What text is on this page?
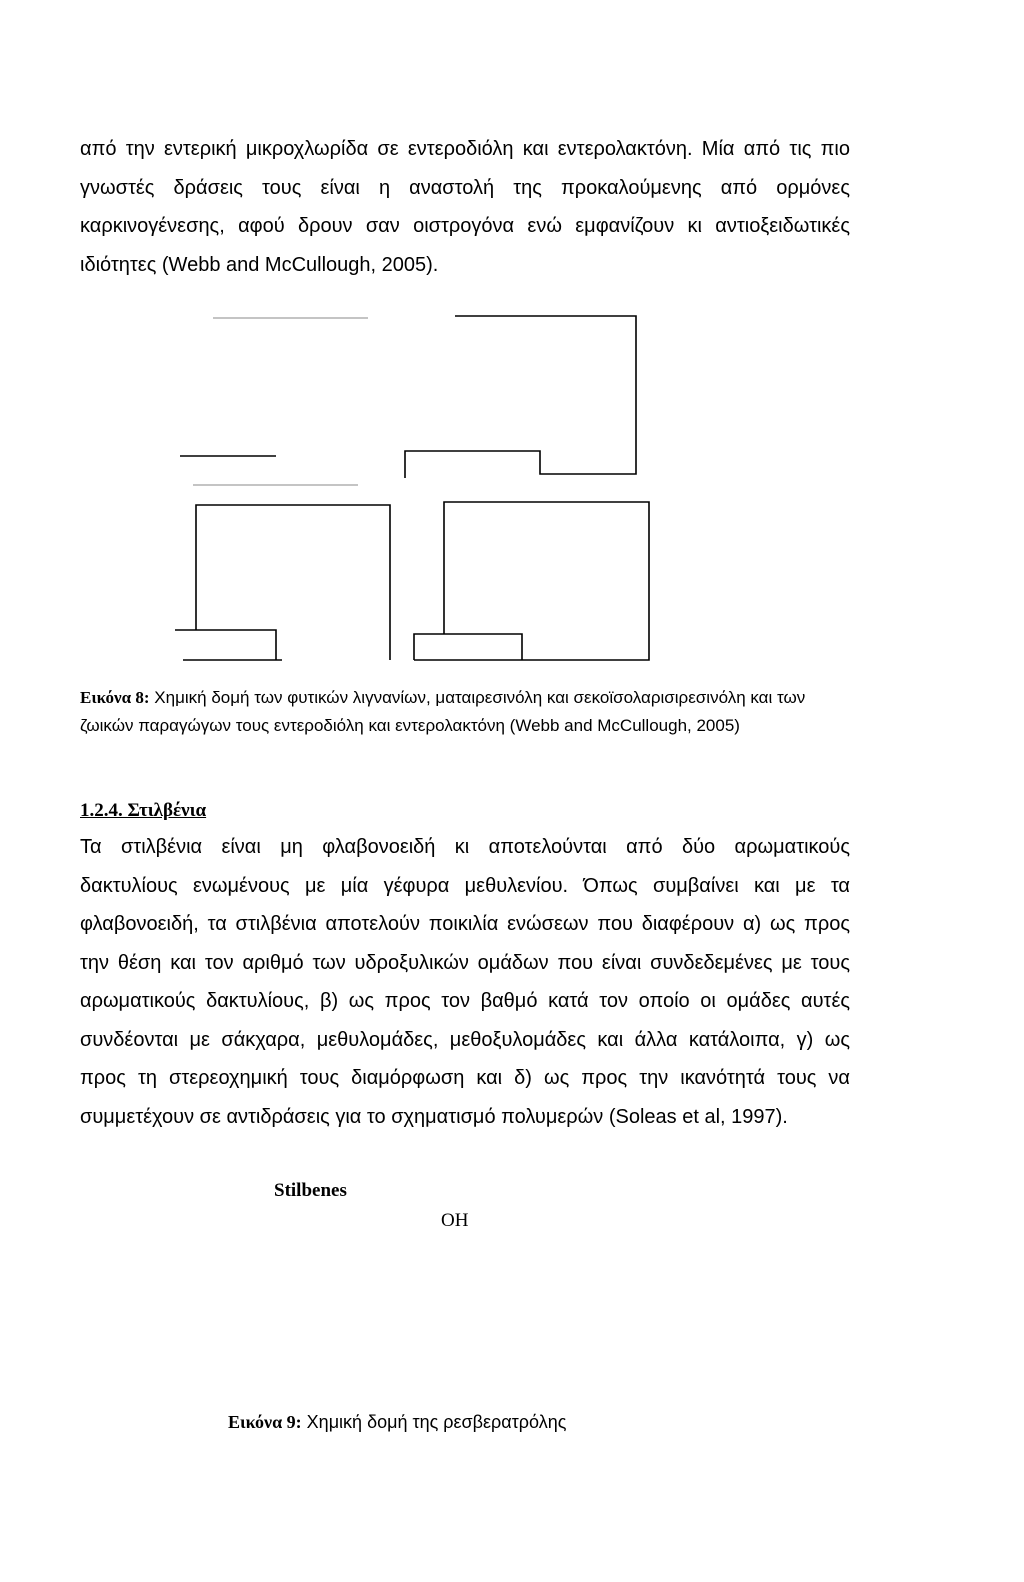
από την εντερική μικροχλωρίδα σε εντεροδιόλη και εντερολακτόνη. Μία από τις πιο
γνωστές δράσεις τους είναι η αναστολή της προκαλούμενης από ορμόνες
καρκινογένεσης, αφού δρουν σαν οιστρογόνα ενώ εμφανίζουν κι αντιοξειδωτικές
ιδιότητες (Webb and McCullough, 2005).
Εικόνα 8: Χημική δομή των φυτικών λιγνανίων, ματαιρεσινόλη και σεκοϊσολαρισιρεσινόλη και των ζωικών παραγώγων τους εντεροδιόλη και εντερολακτόνη (Webb and McCullough, 2005)
1.2.4. Στιλβένια
Τα στιλβένια είναι μη φλαβονοειδή κι αποτελούνται από δύο αρωματικούς
δακτυλίους ενωμένους με μία γέφυρα μεθυλενίου. Όπως συμβαίνει και με τα
φλαβονοειδή, τα στιλβένια αποτελούν ποικιλία ενώσεων που διαφέρουν α) ως προς
την θέση και τον αριθμό των υδροξυλικών ομάδων που είναι συνδεδεμένες με τους
αρωματικούς δακτυλίους, β) ως προς τον βαθμό κατά τον οποίο οι ομάδες αυτές
συνδέονται με σάκχαρα, μεθυλομάδες, μεθοξυλομάδες και άλλα κατάλοιπα, γ) ως
προς τη στερεοχημική τους διαμόρφωση και δ) ως προς την ικανότητά τους να
συμμετέχουν σε αντιδράσεις για το σχηματισμό πολυμερών (Soleas et al, 1997).
Stilbenes
OH
Εικόνα 9: Χημική δομή της ρεσβερατρόλης
